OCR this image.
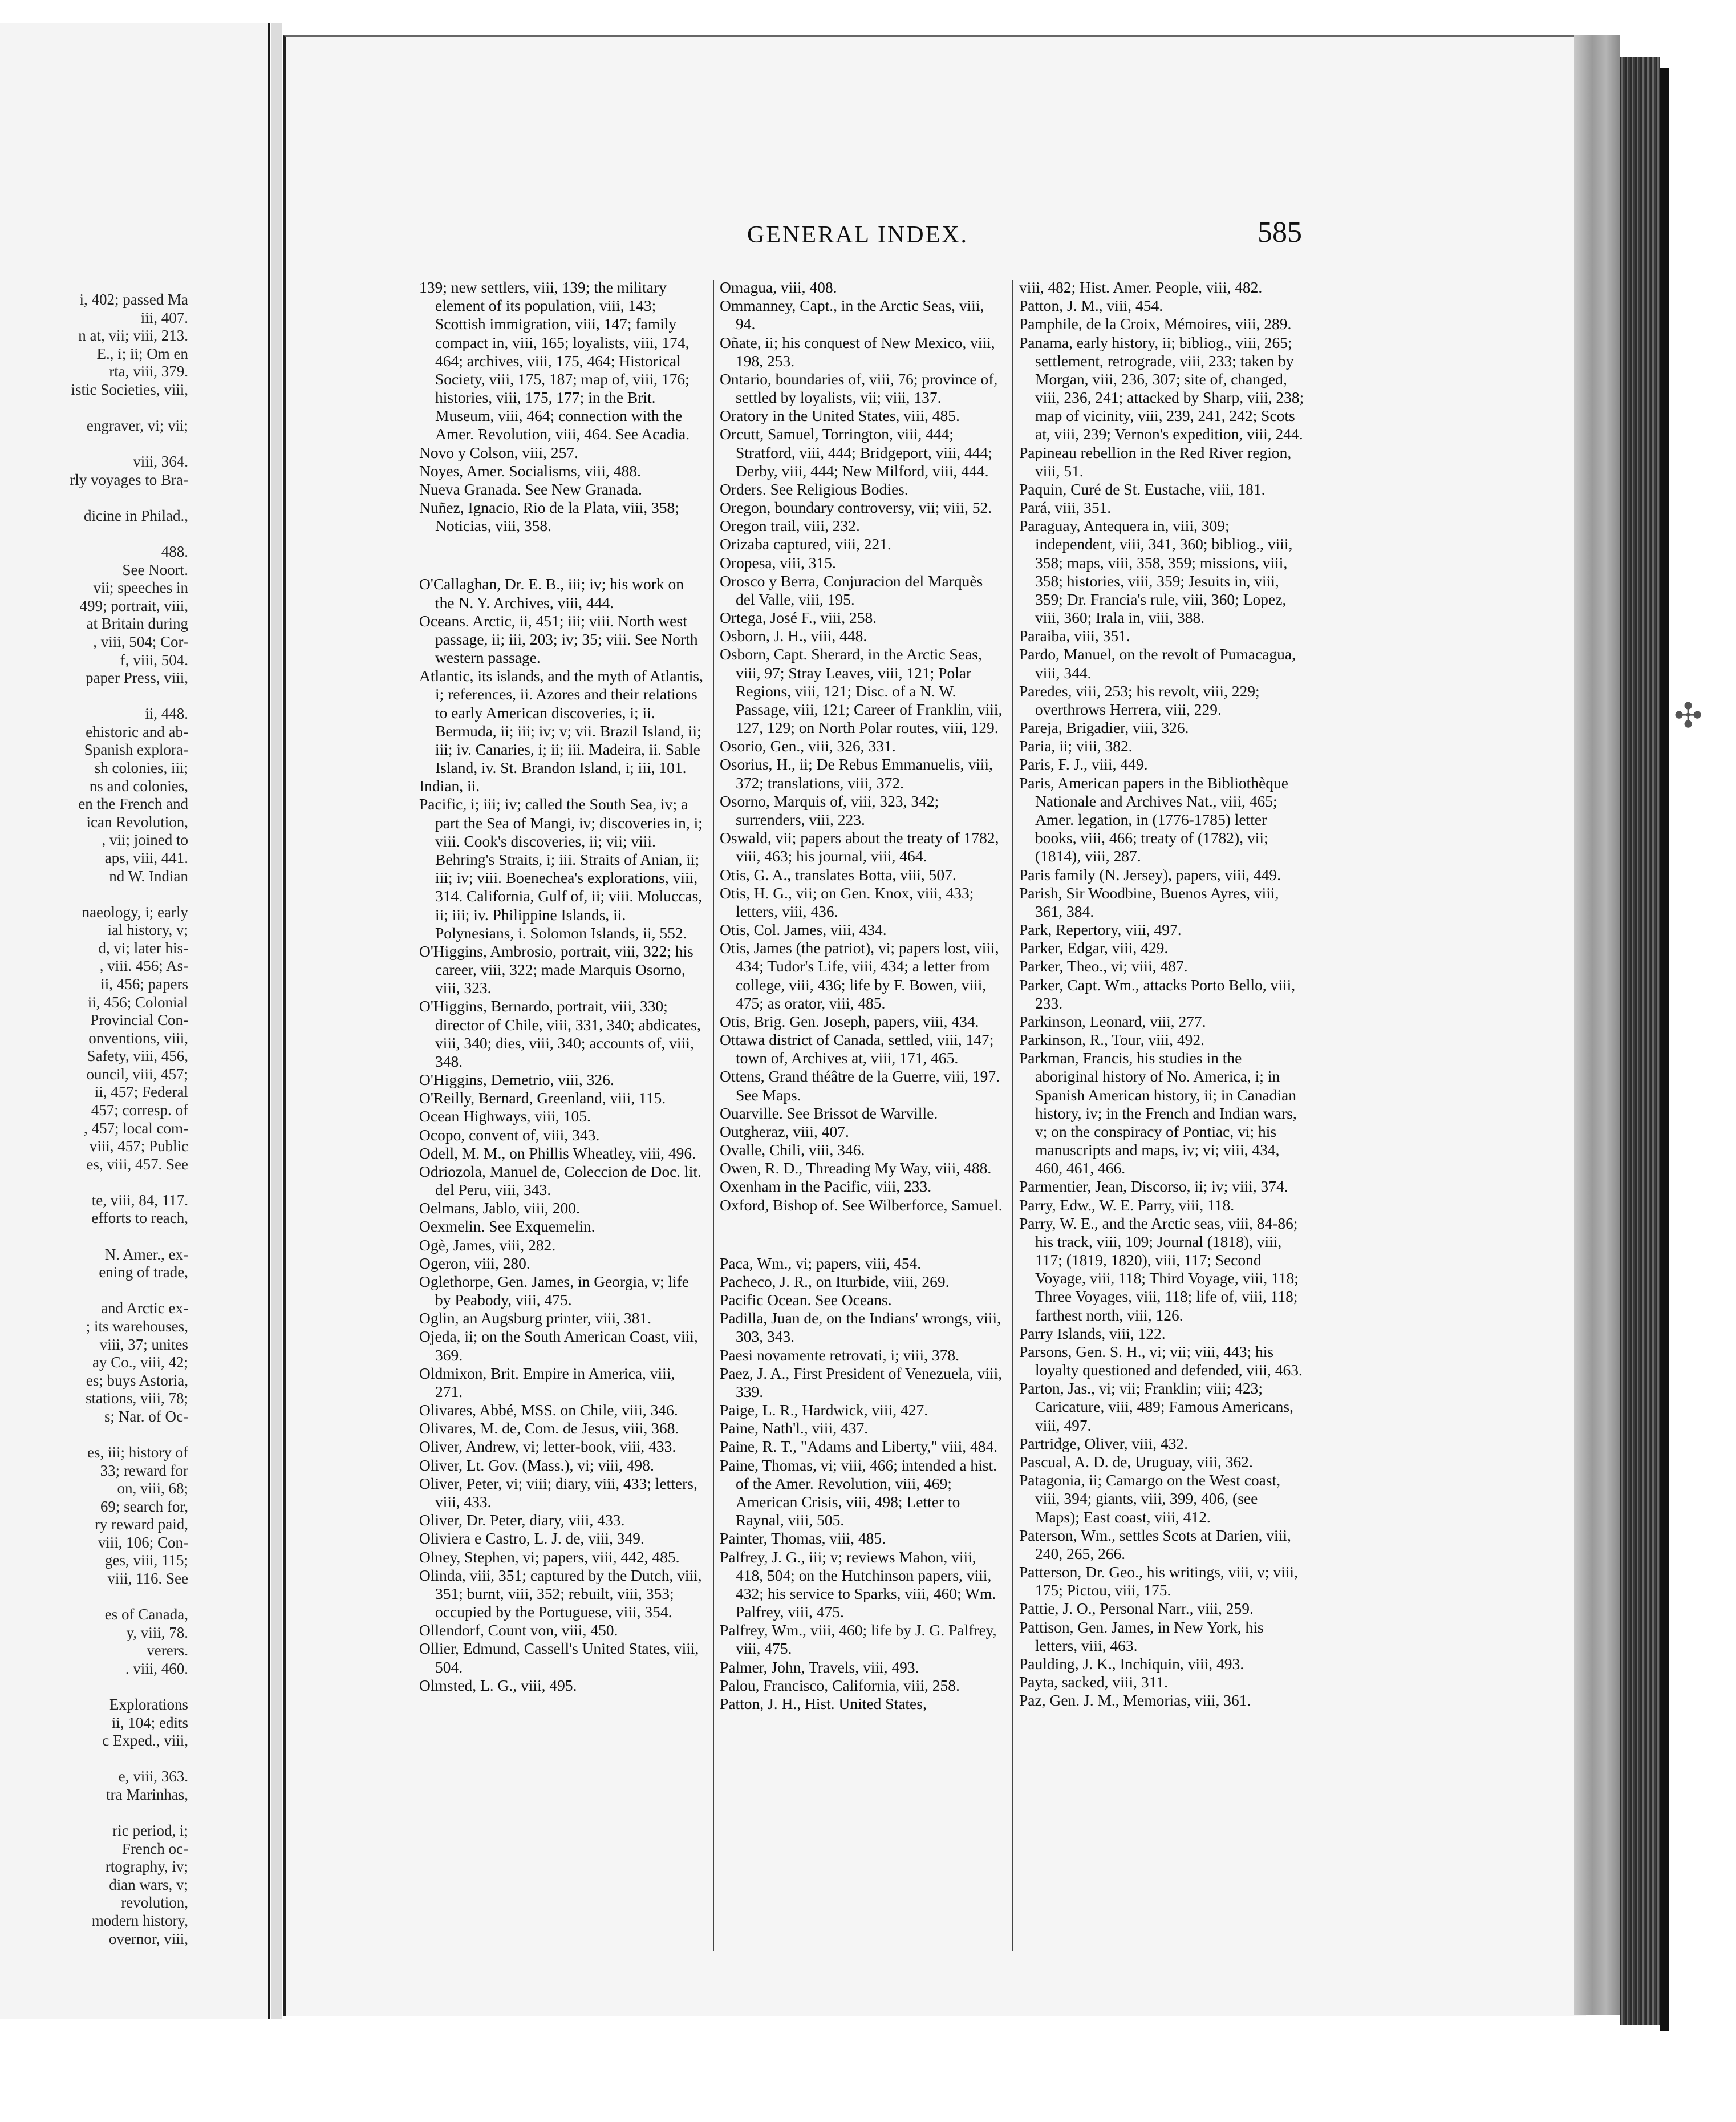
i, 402; passed Ma

iii, 407.

n at, vii; viii, 213.

E., i; ii; Om en

rta, viii, 379.

istic Societies, viii,

engraver, vi; vii;

viii, 364.

rly voyages to Bra-

dicine in Philad.,

488.

See Noort.

vii; speeches in

499; portrait, viii,

at Britain during

, viii, 504; Cor-

f, viii, 504.

paper Press, viii,

ii, 448.

ehistoric and ab-

Spanish explora-

sh colonies, iii;

ns and colonies,

en the French and

ican Revolution,

, vii; joined to

aps, viii, 441.

nd W. Indian

naeology, i; early

ial history, v;

d, vi; later his-

, viii. 456; As-

ii, 456; papers

ii, 456; Colonial

Provincial Con-

onventions, viii,

Safety, viii, 456,

ouncil, viii, 457;

ii, 457; Federal

457; corresp. of

, 457; local com-

viii, 457; Public

es, viii, 457. See

te, viii, 84, 117.

efforts to reach,

N. Amer., ex-

ening of trade,

and Arctic ex-

; its warehouses,

viii, 37; unites

ay Co., viii, 42;

es; buys Astoria,

stations, viii, 78;

s; Nar. of Oc-

es, iii; history of

33; reward for

on, viii, 68;

69; search for,

ry reward paid,

viii, 106; Con-

ges, viii, 115;

viii, 116. See

es of Canada,

y, viii, 78.

verers.

. viii, 460.

Explorations

ii, 104; edits

c Exped., viii,

e, viii, 363.

tra Marinhas,

ric period, i;

French oc-

rtography, iv;

dian wars, v;

revolution,

modern history,

overnor, viii,

GENERAL INDEX.	585

139; new settlers, viii, 139; the military element of its population, viii, 143; Scottish immigration, viii, 147; family compact in, viii, 165; loyalists, viii, 174, 464; archives, viii, 175, 464; Historical Society, viii, 175, 187; map of, viii, 176; histories, viii, 175, 177; in the Brit. Museum, viii, 464; connection with the Amer. Revolution, viii, 464. See Acadia.

Novo y Colson, viii, 257.

Noyes, Amer. Socialisms, viii, 488.

Nueva Granada. See New Granada.

Nuñez, Ignacio, Rio de la Plata, viii, 358; Noticias, viii, 358.

O'Callaghan, Dr. E. B., iii; iv; his work on the N. Y. Archives, viii, 444.

Oceans. Arctic, ii, 451; iii; viii. North west passage, ii; iii, 203; iv; 35; viii. See North western passage.

Atlantic, its islands, and the myth of Atlantis, i; references, ii. Azores and their relations to early American discoveries, i; ii. Bermuda, ii; iii; iv; v; vii. Brazil Island, ii; iii; iv. Canaries, i; ii; iii. Madeira, ii. Sable Island, iv. St. Brandon Island, i; iii, 101.

Indian, ii.

Pacific, i; iii; iv; called the South Sea, iv; a part the Sea of Mangi, iv; discoveries in, i; viii. Cook's discoveries, ii; vii; viii. Behring's Straits, i; iii. Straits of Anian, ii; iii; iv; viii. Boenechea's explorations, viii, 314. California, Gulf of, ii; viii. Moluccas, ii; iii; iv. Philippine Islands, ii. Polynesians, i. Solomon Islands, ii, 552.

O'Higgins, Ambrosio, portrait, viii, 322; his career, viii, 322; made Marquis Osorno, viii, 323.

O'Higgins, Bernardo, portrait, viii, 330; director of Chile, viii, 331, 340; abdicates, viii, 340; dies, viii, 340; accounts of, viii, 348.

O'Higgins, Demetrio, viii, 326.

O'Reilly, Bernard, Greenland, viii, 115.

Ocean Highways, viii, 105.

Ocopo, convent of, viii, 343.

Odell, M. M., on Phillis Wheatley, viii, 496.

Odriozola, Manuel de, Coleccion de Doc. lit. del Peru, viii, 343.

Oelmans, Jablo, viii, 200.

Oexmelin. See Exquemelin.

Ogè, James, viii, 282.

Ogeron, viii, 280.

Oglethorpe, Gen. James, in Georgia, v; life by Peabody, viii, 475.

Oglin, an Augsburg printer, viii, 381.

Ojeda, ii; on the South American Coast, viii, 369.

Oldmixon, Brit. Empire in America, viii, 271.

Olivares, Abbé, MSS. on Chile, viii, 346.

Olivares, M. de, Com. de Jesus, viii, 368.

Oliver, Andrew, vi; letter-book, viii, 433.

Oliver, Lt. Gov. (Mass.), vi; viii, 498.

Oliver, Peter, vi; viii; diary, viii, 433; letters, viii, 433.

Oliver, Dr. Peter, diary, viii, 433.

Oliviera e Castro, L. J. de, viii, 349.

Olney, Stephen, vi; papers, viii, 442, 485.

Olinda, viii, 351; captured by the Dutch, viii, 351; burnt, viii, 352; rebuilt, viii, 353; occupied by the Portuguese, viii, 354.

Ollendorf, Count von, viii, 450.

Ollier, Edmund, Cassell's United States, viii, 504.

Olmsted, L. G., viii, 495.

Omagua, viii, 408.

Ommanney, Capt., in the Arctic Seas, viii, 94.

Oñate, ii; his conquest of New Mexico, viii, 198, 253.

Ontario, boundaries of, viii, 76; province of, settled by loyalists, vii; viii, 137.

Oratory in the United States, viii, 485.

Orcutt, Samuel, Torrington, viii, 444; Stratford, viii, 444; Bridgeport, viii, 444; Derby, viii, 444; New Milford, viii, 444.

Orders. See Religious Bodies.

Oregon, boundary controversy, vii; viii, 52.

Oregon trail, viii, 232.

Orizaba captured, viii, 221.

Oropesa, viii, 315.

Orosco y Berra, Conjuracion del Marquès del Valle, viii, 195.

Ortega, José F., viii, 258.

Osborn, J. H., viii, 448.

Osborn, Capt. Sherard, in the Arctic Seas, viii, 97; Stray Leaves, viii, 121; Polar Regions, viii, 121; Disc. of a N. W. Passage, viii, 121; Career of Franklin, viii, 127, 129; on North Polar routes, viii, 129.

Osorio, Gen., viii, 326, 331.

Osorius, H., ii; De Rebus Emmanuelis, viii, 372; translations, viii, 372.

Osorno, Marquis of, viii, 323, 342; surrenders, viii, 223.

Oswald, vii; papers about the treaty of 1782, viii, 463; his journal, viii, 464.

Otis, G. A., translates Botta, viii, 507.

Otis, H. G., vii; on Gen. Knox, viii, 433; letters, viii, 436.

Otis, Col. James, viii, 434.

Otis, James (the patriot), vi; papers lost, viii, 434; Tudor's Life, viii, 434; a letter from college, viii, 436; life by F. Bowen, viii, 475; as orator, viii, 485.

Otis, Brig. Gen. Joseph, papers, viii, 434.

Ottawa district of Canada, settled, viii, 147; town of, Archives at, viii, 171, 465.

Ottens, Grand théâtre de la Guerre, viii, 197. See Maps.

Ouarville. See Brissot de Warville.

Outgheraz, viii, 407.

Ovalle, Chili, viii, 346.

Owen, R. D., Threading My Way, viii, 488.

Oxenham in the Pacific, viii, 233.

Oxford, Bishop of. See Wilberforce, Samuel.

Paca, Wm., vi; papers, viii, 454.

Pacheco, J. R., on Iturbide, viii, 269.

Pacific Ocean. See Oceans.

Padilla, Juan de, on the Indians' wrongs, viii, 303, 343.

Paesi novamente retrovati, i; viii, 378.

Paez, J. A., First President of Venezuela, viii, 339.

Paige, L. R., Hardwick, viii, 427.

Paine, Nath'l., viii, 437.

Paine, R. T., "Adams and Liberty," viii, 484.

Paine, Thomas, vi; viii, 466; intended a hist. of the Amer. Revolution, viii, 469; American Crisis, viii, 498; Letter to Raynal, viii, 505.

Painter, Thomas, viii, 485.

Palfrey, J. G., iii; v; reviews Mahon, viii, 418, 504; on the Hutchinson papers, viii, 432; his service to Sparks, viii, 460; Wm. Palfrey, viii, 475.

Palfrey, Wm., viii, 460; life by J. G. Palfrey, viii, 475.

Palmer, John, Travels, viii, 493.

Palou, Francisco, California, viii, 258.

Patton, J. H., Hist. United States,

viii, 482; Hist. Amer. People, viii, 482.

Patton, J. M., viii, 454.

Pamphile, de la Croix, Mémoires, viii, 289.

Panama, early history, ii; bibliog., viii, 265; settlement, retrograde, viii, 233; taken by Morgan, viii, 236, 307; site of, changed, viii, 236, 241; attacked by Sharp, viii, 238; map of vicinity, viii, 239, 241, 242; Scots at, viii, 239; Vernon's expedition, viii, 244.

Papineau rebellion in the Red River region, viii, 51.

Paquin, Curé de St. Eustache, viii, 181.

Pará, viii, 351.

Paraguay, Antequera in, viii, 309; independent, viii, 341, 360; bibliog., viii, 358; maps, viii, 358, 359; missions, viii, 358; histories, viii, 359; Jesuits in, viii, 359; Dr. Francia's rule, viii, 360; Lopez, viii, 360; Irala in, viii, 388.

Paraiba, viii, 351.

Pardo, Manuel, on the revolt of Pumacagua, viii, 344.

Paredes, viii, 253; his revolt, viii, 229; overthrows Herrera, viii, 229.

Pareja, Brigadier, viii, 326.

Paria, ii; viii, 382.

Paris, F. J., viii, 449.

Paris, American papers in the Bibliothèque Nationale and Archives Nat., viii, 465; Amer. legation, in (1776-1785) letter books, viii, 466; treaty of (1782), vii; (1814), viii, 287.

Paris family (N. Jersey), papers, viii, 449.

Parish, Sir Woodbine, Buenos Ayres, viii, 361, 384.

Park, Repertory, viii, 497.

Parker, Edgar, viii, 429.

Parker, Theo., vi; viii, 487.

Parker, Capt. Wm., attacks Porto Bello, viii, 233.

Parkinson, Leonard, viii, 277.

Parkinson, R., Tour, viii, 492.

Parkman, Francis, his studies in the aboriginal history of No. America, i; in Spanish American history, ii; in Canadian history, iv; in the French and Indian wars, v; on the conspiracy of Pontiac, vi; his manuscripts and maps, iv; vi; viii, 434, 460, 461, 466.

Parmentier, Jean, Discorso, ii; iv; viii, 374.

Parry, Edw., W. E. Parry, viii, 118.

Parry, W. E., and the Arctic seas, viii, 84-86; his track, viii, 109; Journal (1818), viii, 117; (1819, 1820), viii, 117; Second Voyage, viii, 118; Third Voyage, viii, 118; Three Voyages, viii, 118; life of, viii, 118; farthest north, viii, 126.

Parry Islands, viii, 122.

Parsons, Gen. S. H., vi; vii; viii, 443; his loyalty questioned and defended, viii, 463.

Parton, Jas., vi; vii; Franklin; viii; 423; Caricature, viii, 489; Famous Americans, viii, 497.

Partridge, Oliver, viii, 432.

Pascual, A. D. de, Uruguay, viii, 362.

Patagonia, ii; Camargo on the West coast, viii, 394; giants, viii, 399, 406, (see Maps); East coast, viii, 412.

Paterson, Wm., settles Scots at Darien, viii, 240, 265, 266.

Patterson, Dr. Geo., his writings, viii, v; viii, 175; Pictou, viii, 175.

Pattie, J. O., Personal Narr., viii, 259.

Pattison, Gen. James, in New York, his letters, viii, 463.

Paulding, J. K., Inchiquin, viii, 493.

Payta, sacked, viii, 311.

Paz, Gen. J. M., Memorias, viii, 361.

✣
